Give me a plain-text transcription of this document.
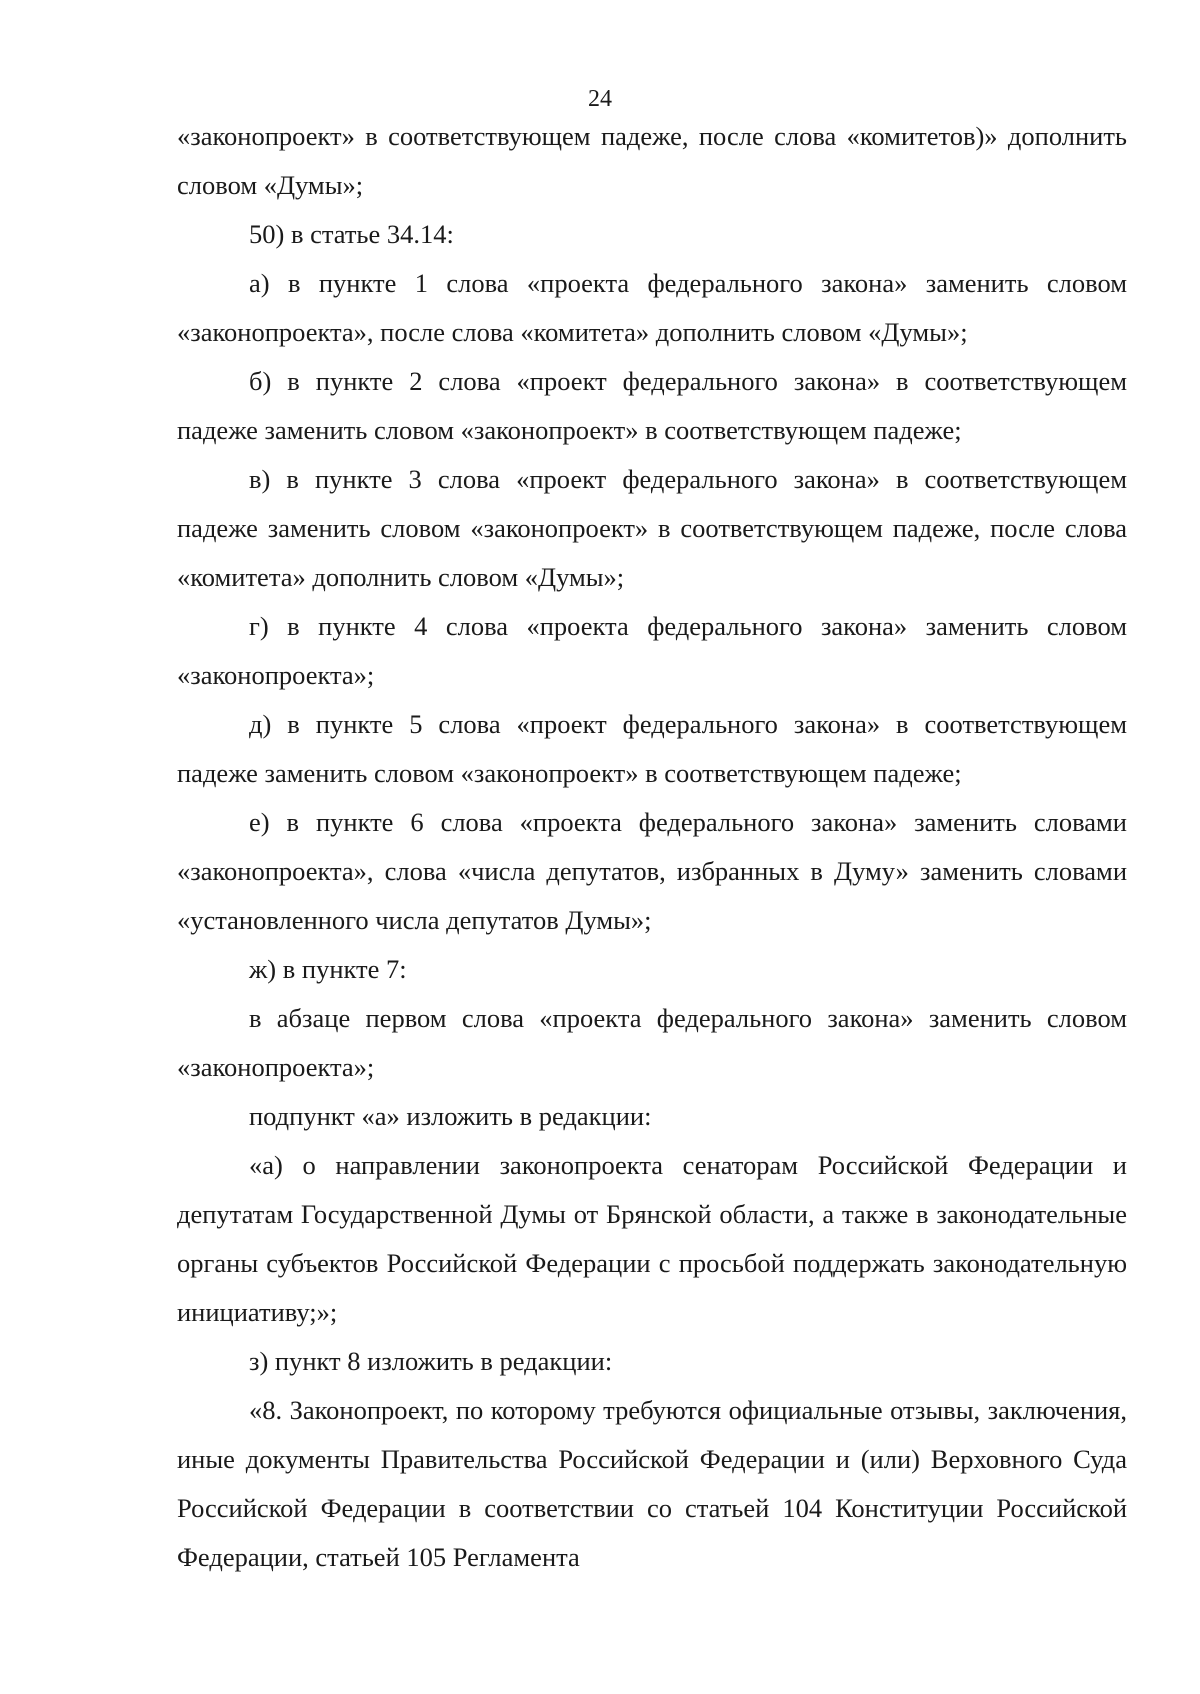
24

«законопроект» в соответствующем падеже, после слова «комитетов)» дополнить словом «Думы»;

50) в статье 34.14:

а) в пункте 1 слова «проекта федерального закона» заменить словом «законопроекта», после слова «комитета» дополнить словом «Думы»;

б) в пункте 2 слова «проект федерального закона» в соответствующем падеже заменить словом «законопроект» в соответствующем падеже;

в) в пункте 3 слова «проект федерального закона» в соответствующем падеже заменить словом «законопроект» в соответствующем падеже, после слова «комитета» дополнить словом «Думы»;

г) в пункте 4 слова «проекта федерального закона» заменить словом «законопроекта»;

д) в пункте 5 слова «проект федерального закона» в соответствующем падеже заменить словом «законопроект» в соответствующем падеже;

е) в пункте 6 слова «проекта федерального закона» заменить словами «законопроекта», слова «числа депутатов, избранных в Думу» заменить словами «установленного числа депутатов Думы»;

ж) в пункте 7:

в абзаце первом слова «проекта федерального закона» заменить словом «законопроекта»;

подпункт «а» изложить в редакции:

«а) о направлении законопроекта сенаторам Российской Федерации и депутатам Государственной Думы от Брянской области, а также в законодательные органы субъектов Российской Федерации с просьбой поддержать законодательную инициативу;»;

з) пункт 8 изложить в редакции:

«8. Законопроект, по которому требуются официальные отзывы, заключения, иные документы Правительства Российской Федерации и (или) Верховного Суда Российской Федерации в соответствии со статьей 104 Конституции Российской Федерации, статьей 105 Регламента
